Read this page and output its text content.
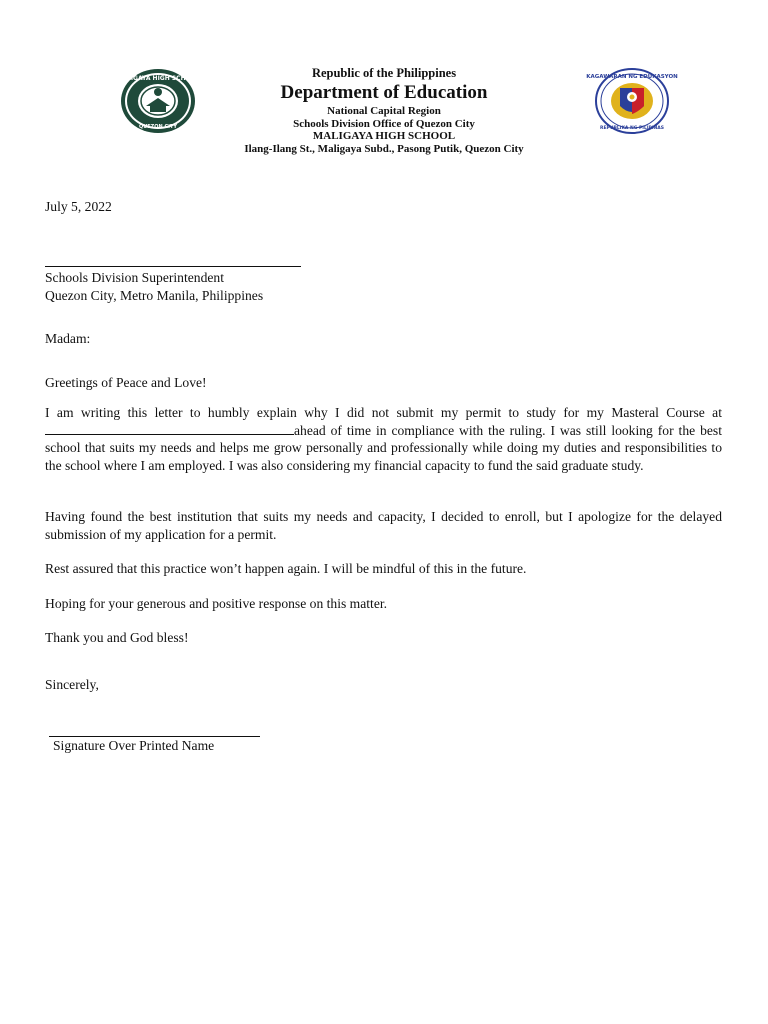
MALIGAYA HIGH SCHOOL
QUEZON CITY
KAGAWARAN NG EDUKASYON
REPUBLIKA NG PILIPINAS
Republic of the Philippines
Department of Education
National Capital Region
Schools Division Office of Quezon City
MALIGAYA HIGH SCHOOL
Ilang-Ilang St., Maligaya Subd., Pasong Putik, Quezon City
July 5, 2022
Schools Division Superintendent
Quezon City, Metro Manila, Philippines
Madam:
Greetings of Peace and Love!
I am writing this letter to humbly explain why I did not submit my permit to study for my Masteral Course at ahead of time in compliance with the ruling. I was still looking for the best school that suits my needs and helps me grow personally and professionally while doing my duties and responsibilities to the school where I am employed. I was also considering my financial capacity to fund the said graduate study.
Having found the best institution that suits my needs and capacity, I decided to enroll, but I apologize for the delayed submission of my application for a permit.
Rest assured that this practice won’t happen again. I will be mindful of this in the future.
Hoping for your generous and positive response on this matter.
Thank you and God bless!
Sincerely,
Signature Over Printed Name
